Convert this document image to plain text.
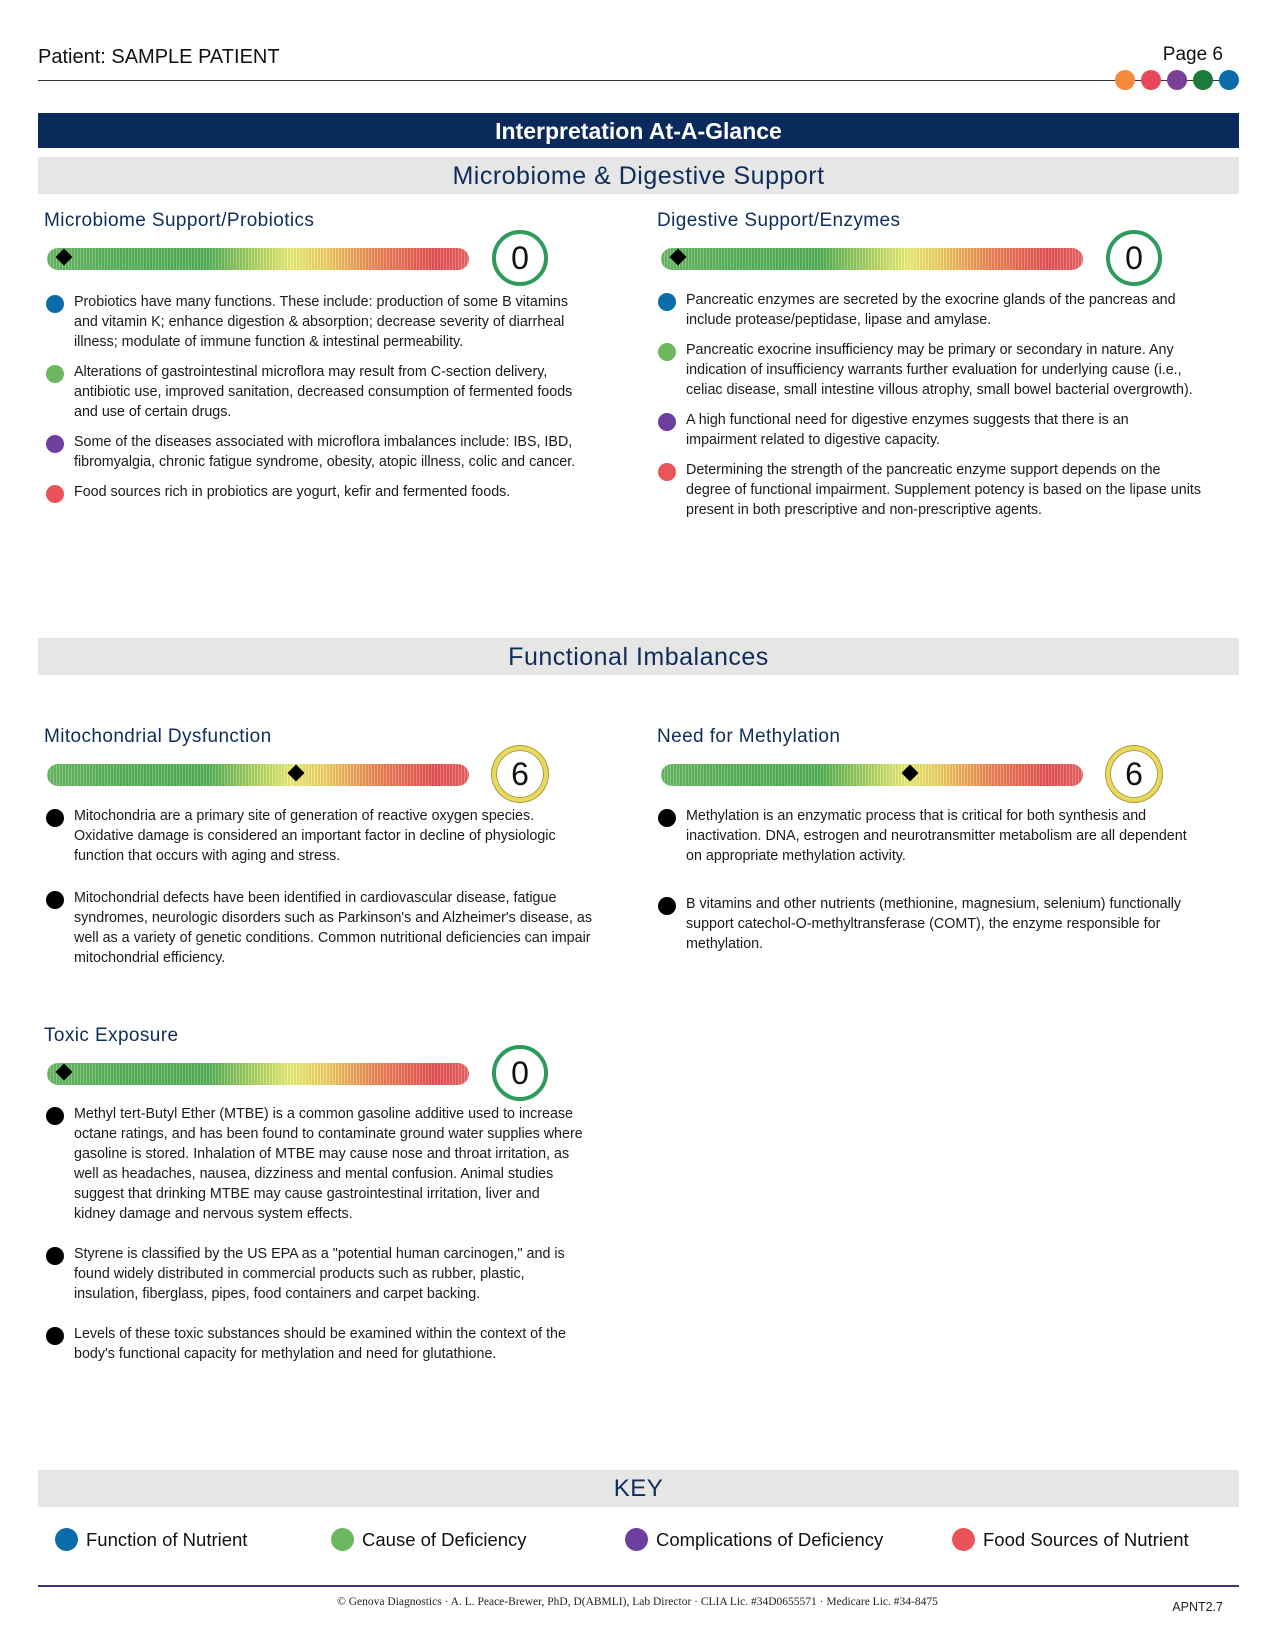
Patient: SAMPLE PATIENT	Page 6
Interpretation At-A-Glance
Microbiome & Digestive Support
Microbiome Support/Probiotics
0
Probiotics have many functions. These include: production of some B vitamins and vitamin K; enhance digestion & absorption; decrease severity of diarrheal illness; modulate of immune function & intestinal permeability.
Alterations of gastrointestinal microflora may result from C-section delivery, antibiotic use, improved sanitation, decreased consumption of fermented foods and use of certain drugs.
Some of the diseases associated with microflora imbalances include: IBS, IBD, fibromyalgia, chronic fatigue syndrome, obesity, atopic illness, colic and cancer.
Food sources rich in probiotics are yogurt, kefir and fermented foods.
Digestive Support/Enzymes
0
Pancreatic enzymes are secreted by the exocrine glands of the pancreas and include protease/peptidase, lipase and amylase.
Pancreatic exocrine insufficiency may be primary or secondary in nature. Any indication of insufficiency warrants further evaluation for underlying cause (i.e., celiac disease, small intestine villous atrophy, small bowel bacterial overgrowth).
A high functional need for digestive enzymes suggests that there is an impairment related to digestive capacity.
Determining the strength of the pancreatic enzyme support depends on the degree of functional impairment. Supplement potency is based on the lipase units present in both prescriptive and non-prescriptive agents.
Functional Imbalances
Mitochondrial Dysfunction
6
Mitochondria are a primary site of generation of reactive oxygen species. Oxidative damage is considered an important factor in decline of physiologic function that occurs with aging and stress.
Mitochondrial defects have been identified in cardiovascular disease, fatigue syndromes, neurologic disorders such as Parkinson's and Alzheimer's disease, as well as a variety of genetic conditions. Common nutritional deficiencies can impair mitochondrial efficiency.
Need for Methylation
6
Methylation is an enzymatic process that is critical for both synthesis and inactivation. DNA, estrogen and neurotransmitter metabolism are all dependent on appropriate methylation activity.
B vitamins and other nutrients (methionine, magnesium, selenium) functionally support catechol-O-methyltransferase (COMT), the enzyme responsible for methylation.
Toxic Exposure
0
Methyl tert-Butyl Ether (MTBE) is a common gasoline additive used to increase octane ratings, and has been found to contaminate ground water supplies where gasoline is stored. Inhalation of MTBE may cause nose and throat irritation, as well as headaches, nausea, dizziness and mental confusion. Animal studies suggest that drinking MTBE may cause gastrointestinal irritation, liver and kidney damage and nervous system effects.
Styrene is classified by the US EPA as a "potential human carcinogen," and is found widely distributed in commercial products such as rubber, plastic, insulation, fiberglass, pipes, food containers and carpet backing.
Levels of these toxic substances should be examined within the context of the body's functional capacity for methylation and need for glutathione.
KEY
Function of Nutrient	Cause of Deficiency	Complications of Deficiency	Food Sources of Nutrient
© Genova Diagnostics · A. L. Peace-Brewer, PhD, D(ABMLI), Lab Director · CLIA Lic. #34D0655571 · Medicare Lic. #34-8475	APNT2.7
